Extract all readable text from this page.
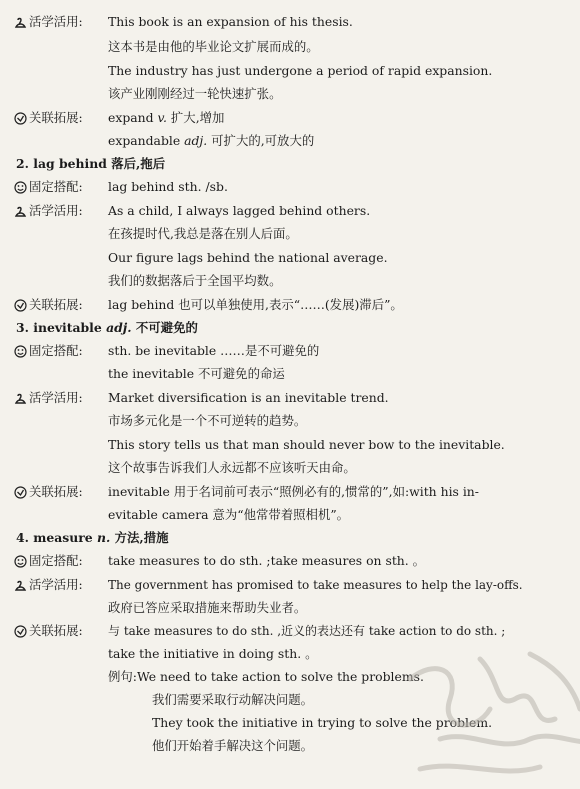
活学活用: This book is an expansion of his thesis.
这本书是由他的毕业论文扩展而成的。
The industry has just undergone a period of rapid expansion.
该产业刚刚经过一轮快速扩张。
关联拓展: expand v. 扩大,增加
expandable adj. 可扩大的,可放大的
2. lag behind 落后,拖后
固定搭配: lag behind sth. /sb.
活学活用: As a child, I always lagged behind others.
在孩提时代,我总是落在别人后面。
Our figure lags behind the national average.
我们的数据落后于全国平均数。
关联拓展: lag behind 也可以单独使用,表示“……(发展)滞后”。
3. inevitable adj. 不可避免的
固定搭配: sth. be inevitable ……是不可避免的
the inevitable 不可避免的命运
活学活用: Market diversification is an inevitable trend.
市场多元化是一个不可逆转的趋势。
This story tells us that man should never bow to the inevitable.
这个故事告诉我们人永远都不应该听天由命。
关联拓展: inevitable 用于名词前可表示“照例必有的,惯常的”,如:with his in-
evitable camera 意为“他常带着照相机”。
4. measure n. 方法,措施
固定搭配: take measures to do sth. ;take measures on sth. 。
活学活用: The government has promised to take measures to help the lay-offs.
政府已答应采取措施来帮助失业者。
关联拓展: 与 take measures to do sth. ,近义的表达还有 take action to do sth. ;
take the initiative in doing sth. 。
例句:We need to take action to solve the problems.
我们需要采取行动解决问题。
They took the initiative in trying to solve the problem.
他们开始着手解决这个问题。
